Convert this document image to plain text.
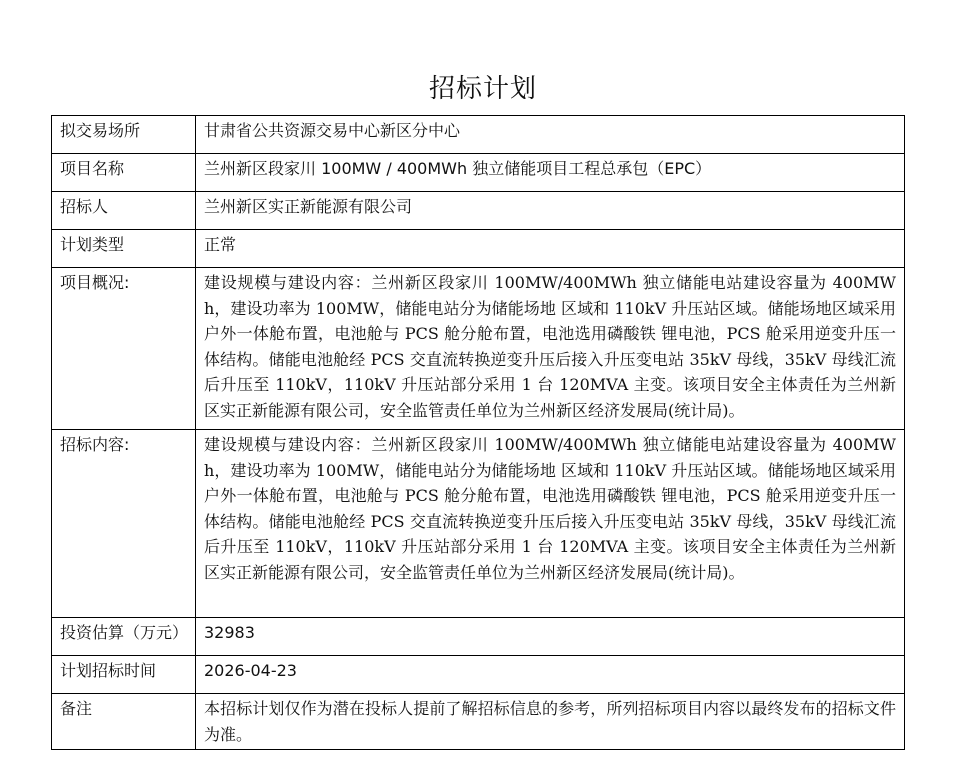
招标计划
拟交易场所	甘肃省公共资源交易中心新区分中心
项目名称	兰州新区段家川 100MW / 400MWh 独立储能项目工程总承包（EPC）
招标人	兰州新区实正新能源有限公司
计划类型	正常
项目概况:	建设规模与建设内容：兰州新区段家川 100MW/400MWh 独立储能电站建设容量为 400MWh，建设功率为 100MW，储能电站分为储能场地 区域和 110kV 升压站区域。储能场地区域采用户外一体舱布置，电池舱与 PCS 舱分舱布置，电池选用磷酸铁 锂电池，PCS 舱采用逆变升压一体结构。储能电池舱经 PCS 交直流转换逆变升压后接入升压变电站 35kV 母线，35kV 母线汇流后升压至 110kV，110kV 升压站部分采用 1 台 120MVA 主变。该项目安全主体责任为兰州新区实正新能源有限公司，安全监管责任单位为兰州新区经济发展局(统计局)。
招标内容:	建设规模与建设内容：兰州新区段家川 100MW/400MWh 独立储能电站建设容量为 400MWh，建设功率为 100MW，储能电站分为储能场地 区域和 110kV 升压站区域。储能场地区域采用户外一体舱布置，电池舱与 PCS 舱分舱布置，电池选用磷酸铁 锂电池，PCS 舱采用逆变升压一体结构。储能电池舱经 PCS 交直流转换逆变升压后接入升压变电站 35kV 母线，35kV 母线汇流后升压至 110kV，110kV 升压站部分采用 1 台 120MVA 主变。该项目安全主体责任为兰州新区实正新能源有限公司，安全监管责任单位为兰州新区经济发展局(统计局)。
投资估算（万元）	32983
计划招标时间	2026-04-23
备注	本招标计划仅作为潜在投标人提前了解招标信息的参考，所列招标项目内容以最终发布的招标文件为准。
